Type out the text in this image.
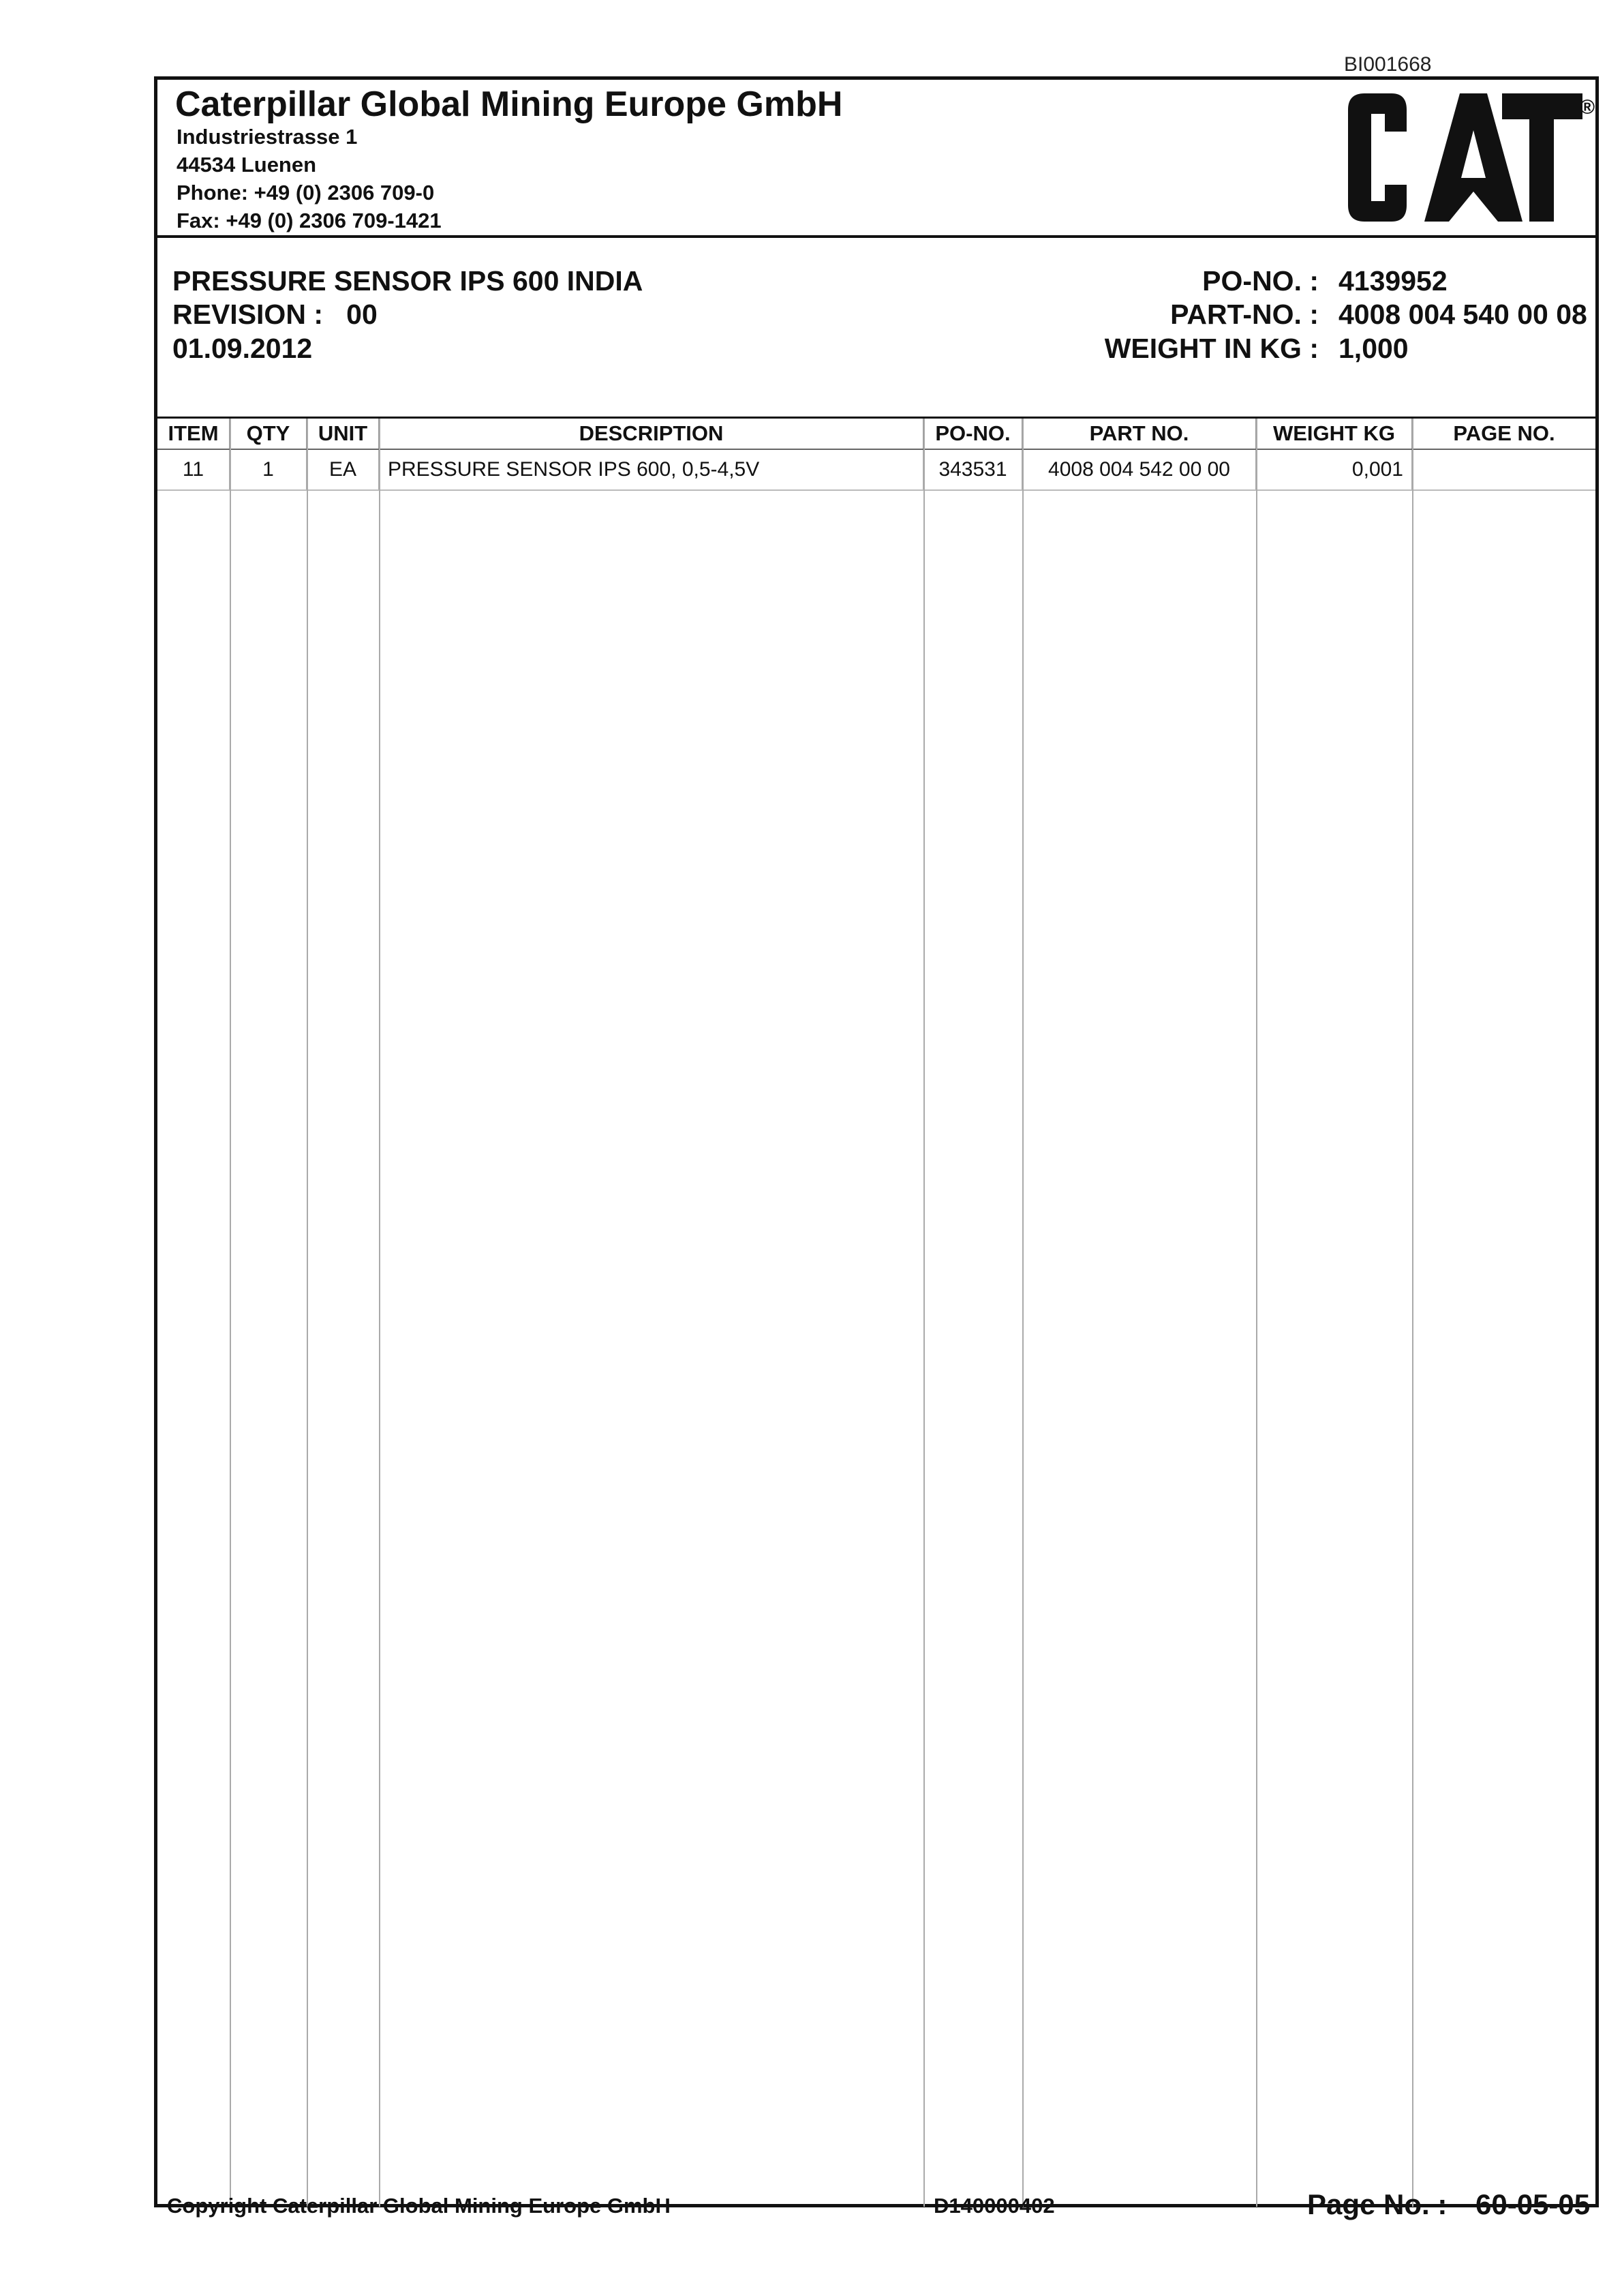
BI001668
Caterpillar Global Mining Europe GmbH
Industriestrasse 1
44534 Luenen
Phone: +49 (0) 2306 709-0
Fax: +49 (0) 2306 709-1421
®
PRESSURE SENSOR IPS 600 INDIA
REVISION : 00
01.09.2012
PO-NO. : 4139952
PART-NO. : 4008 004 540 00 08
WEIGHT IN KG : 1,000
ITEM	QTY	UNIT	DESCRIPTION	PO-NO.	PART NO.	WEIGHT KG	PAGE NO.
11	1	EA	PRESSURE SENSOR IPS 600, 0,5-4,5V	343531	4008 004 542 00 00	0,001	
Copyright Caterpillar Global Mining Europe GmbH	D140000402	Page No. : 60-05-05
